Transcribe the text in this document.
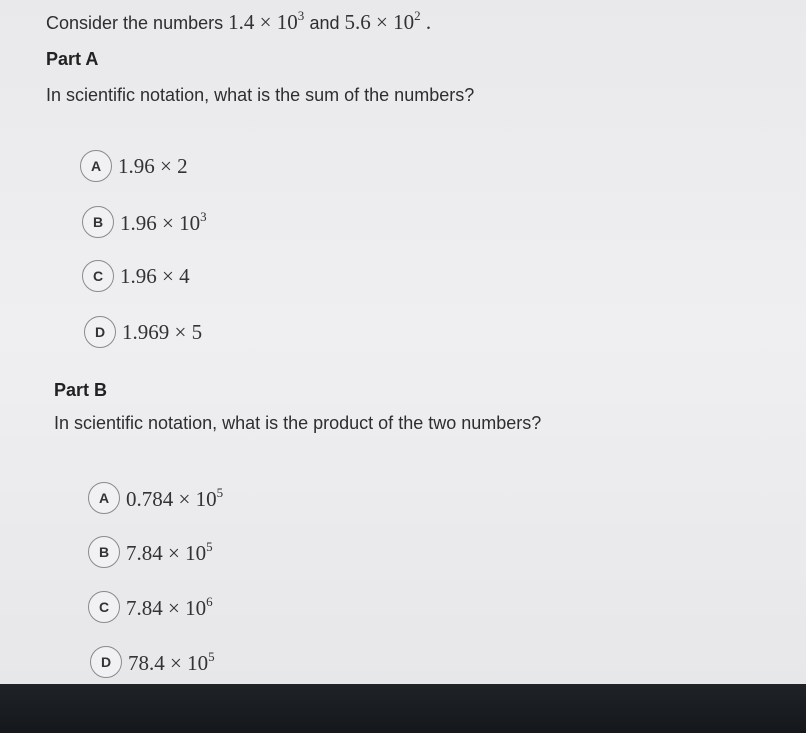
Consider the numbers $1.4 \times 10^3$ and $5.6 \times 10^2$ .
Part A
In scientific notation, what is the sum of the numbers?
A 1.96 × 2
B $1.96 \times 10^3$
C 1.96 × 4
D 1.969 × 5
Part B
In scientific notation, what is the product of the two numbers?
A $0.784 \times 10^5$
B $7.84 \times 10^5$
C $7.84 \times 10^6$
D $78.4 \times 10^5$
